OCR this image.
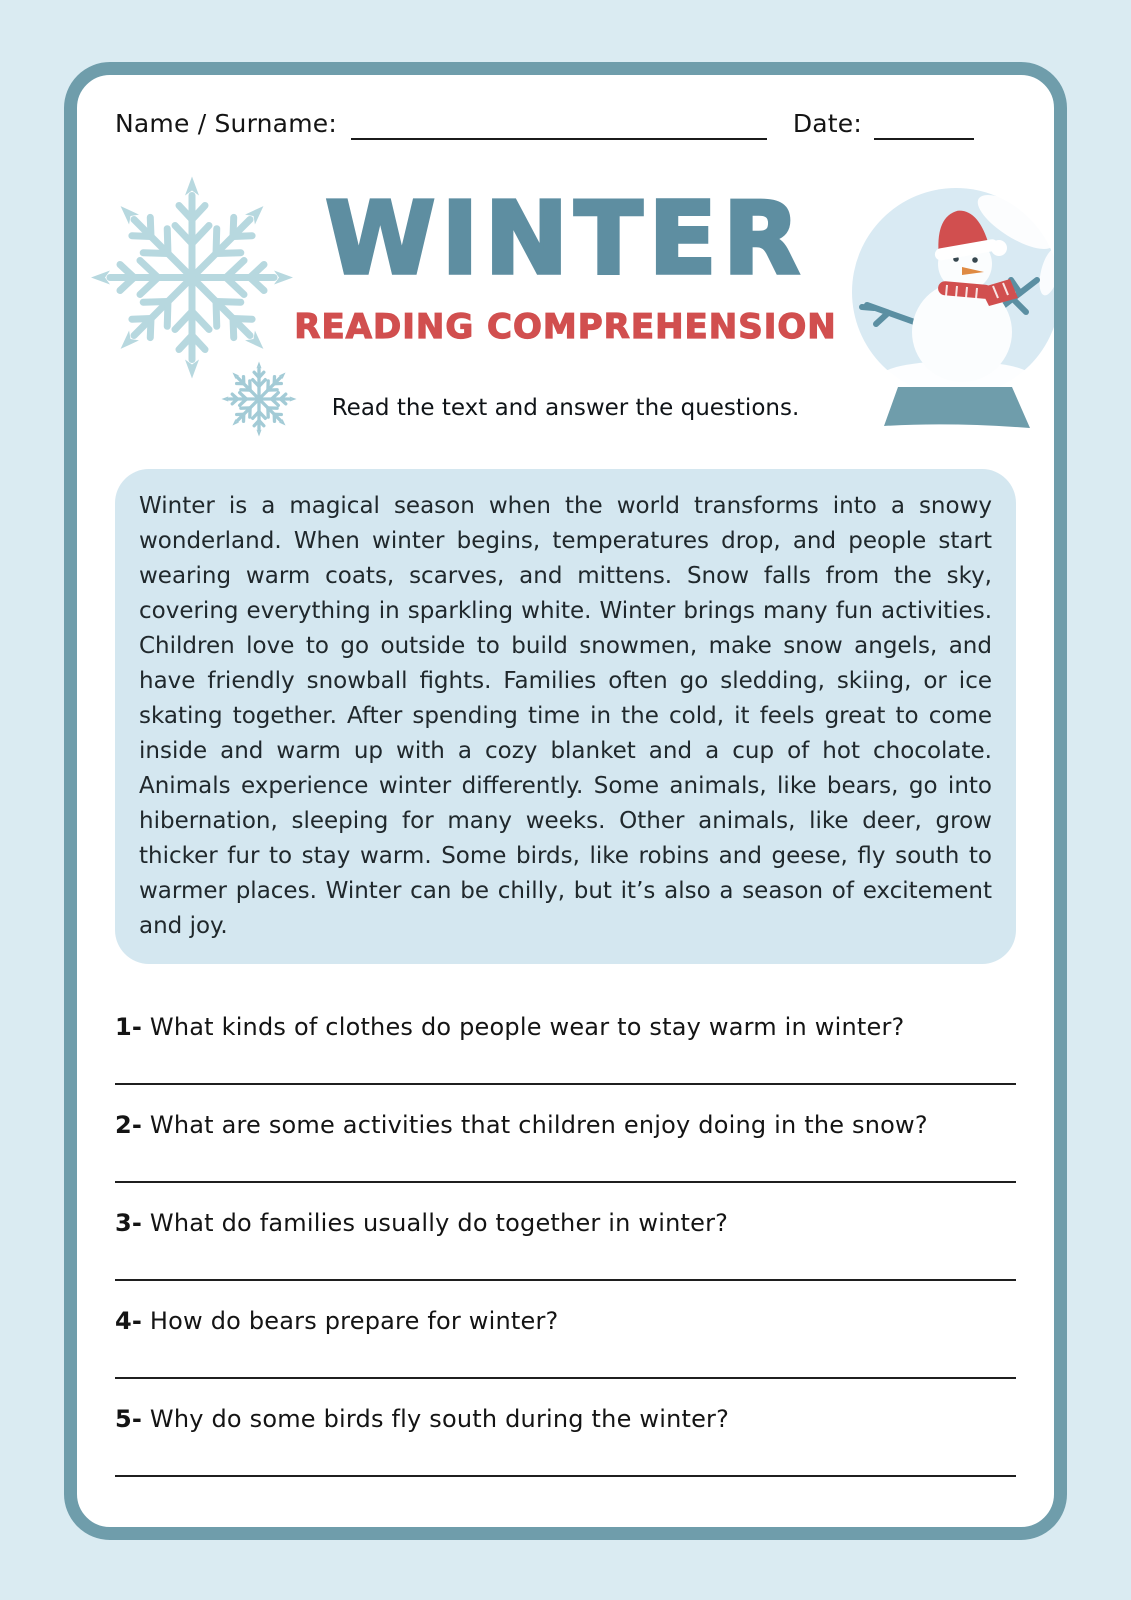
Name / Surname:	Date:
WINTER
READING COMPREHENSION
Read the text and answer the questions.
Winter is a magical season when the world transforms into a snowy wonderland. When winter begins, temperatures drop, and people start wearing warm coats, scarves, and mittens. Snow falls from the sky, covering everything in sparkling white. Winter brings many fun activities. Children love to go outside to build snowmen, make snow angels, and have friendly snowball fights. Families often go sledding, skiing, or ice skating together. After spending time in the cold, it feels great to come inside and warm up with a cozy blanket and a cup of hot chocolate. Animals experience winter differently. Some animals, like bears, go into hibernation, sleeping for many weeks. Other animals, like deer, grow thicker fur to stay warm. Some birds, like robins and geese, fly south to warmer places. Winter can be chilly, but it’s also a season of excitement and joy.
1- What kinds of clothes do people wear to stay warm in winter?
2- What are some activities that children enjoy doing in the snow?
3- What do families usually do together in winter?
4- How do bears prepare for winter?
5- Why do some birds fly south during the winter?
